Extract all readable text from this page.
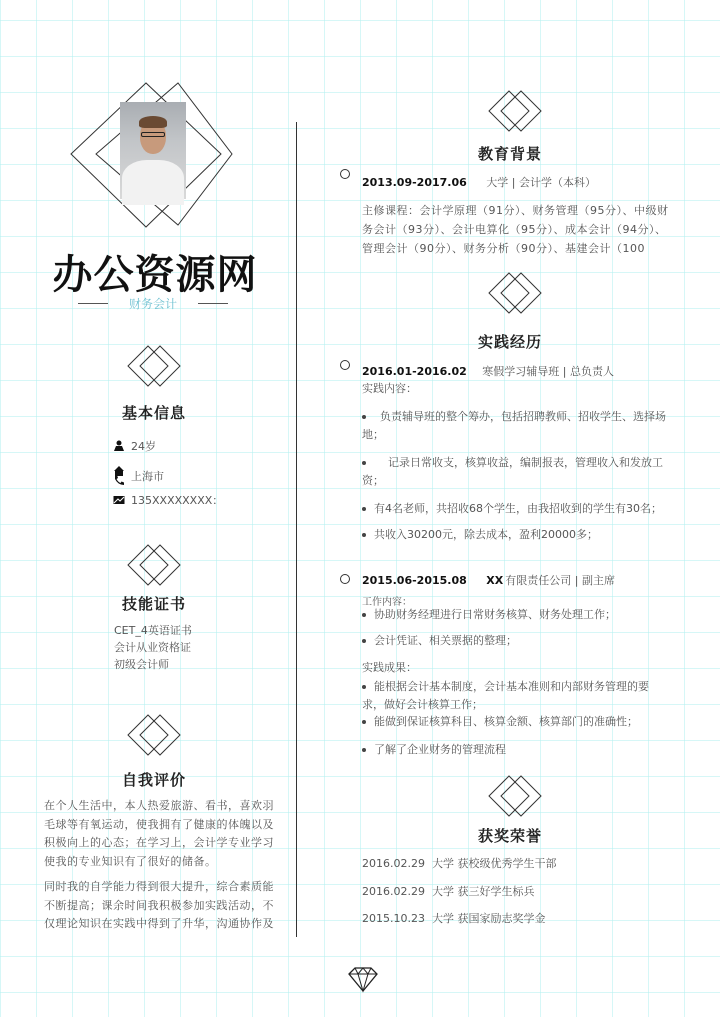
办公资源网
财务会计
基本信息
24岁
上海市
135XXXXXXXX：
技能证书
CET_4英语证书
会计从业资格证
初级会计师
自我评价
在个人生活中，本人热爱旅游、看书，喜欢羽毛球等有氧运动，使我拥有了健康的体魄以及积极向上的心态；在学习上，会计学专业学习使我的专业知识有了很好的储备。
同时我的自学能力得到很大提升，综合素质能不断提高；课余时间我积极参加实践活动，不仅理论知识在实践中得到了升华，沟通协作及
教育背景
2013.09-2017.06 大学 | 会计学（本科）
主修课程：会计学原理（91分）、财务管理（95分）、中级财务会计（93分）、会计电算化（95分）、成本会计（94分）、管理会计（90分）、财务分析（90分）、基建会计（100
实践经历
2016.01-2016.02 寒假学习辅导班 | 总负责人
实践内容：
负责辅导班的整个筹办，包括招聘教师、招收学生、选择场地；
记录日常收支，核算收益，编制报表，管理收入和发放工资；
有4名老师，共招收68个学生，由我招收到的学生有30名；
共收入30200元，除去成本，盈利20000多；
2015.06-2015.08 XX 有限责任公司 | 副主席
工作内容：
协助财务经理进行日常财务核算、财务处理工作；
会计凭证、相关票据的整理；
实践成果：
能根据会计基本制度，会计基本准则和内部财务管理的要求，做好会计核算工作；
能做到保证核算科目、核算金额、核算部门的准确性；
了解了企业财务的管理流程
获奖荣誉
2016.02.29 大学 获校级优秀学生干部
2016.02.29 大学 获三好学生标兵
2015.10.23 大学 获国家励志奖学金
